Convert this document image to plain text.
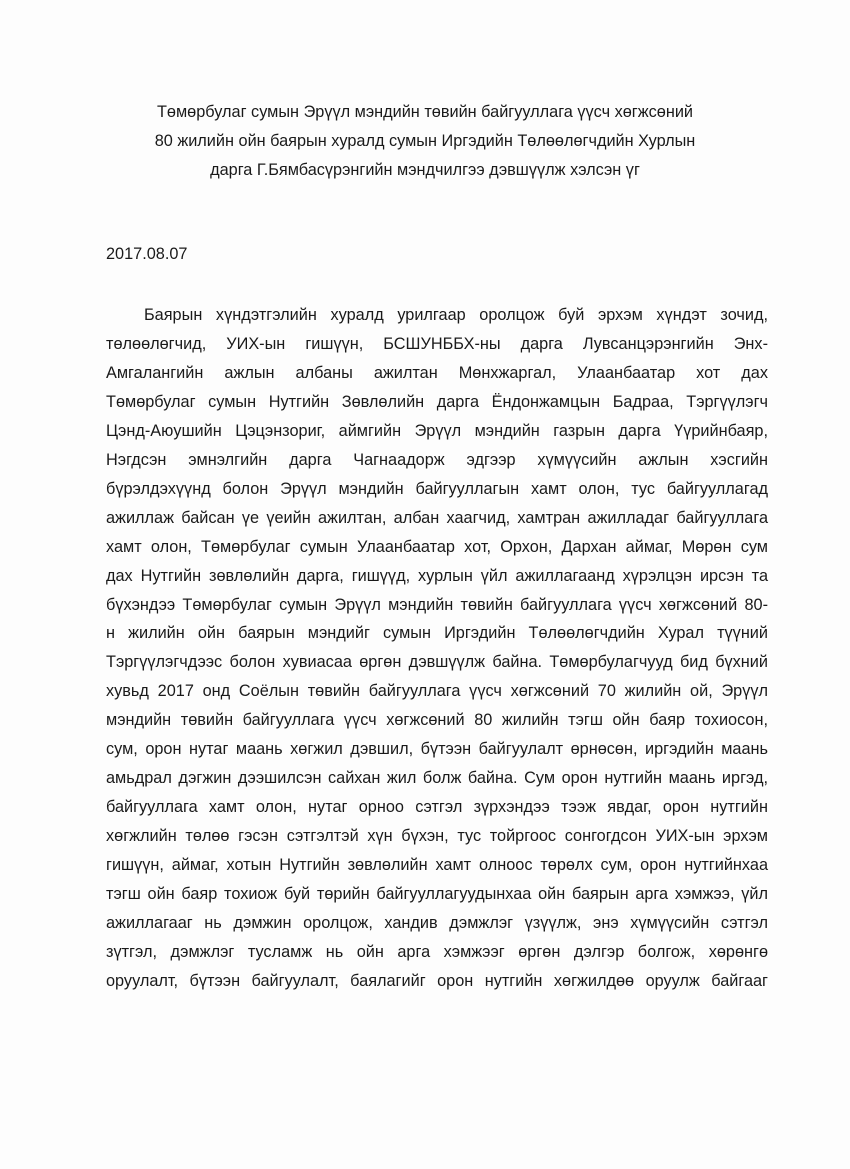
Төмөрбулаг сумын Эрүүл мэндийн төвийн байгууллага үүсч хөгжсөний
80 жилийн ойн баярын хуралд сумын Иргэдийн Төлөөлөгчдийн Хурлын
дарга Г.Бямбасүрэнгийн мэндчилгээ дэвшүүлж хэлсэн үг
2017.08.07
Баярын хүндэтгэлийн хуралд урилгаар оролцож буй эрхэм хүндэт зочид,
төлөөлөгчид, УИХ-ын гишүүн, БСШУНББХ-ны дарга Лувсанцэрэнгийн Энх-
Амгалангийн ажлын албаны ажилтан Мөнхжаргал, Улаанбаатар хот дах
Төмөрбулаг сумын Нутгийн Зөвлөлийн дарга Ёндонжамцын Бадраа, Тэргүүлэгч
Цэнд-Аюушийн Цэцэнзориг, аймгийн Эрүүл мэндийн газрын дарга Үүрийнбаяр,
Нэгдсэн эмнэлгийн дарга Чагнаадорж эдгээр хүмүүсийн ажлын хэсгийн
бүрэлдэхүүнд болон Эрүүл мэндийн байгууллагын хамт олон, тус байгууллагад
ажиллаж байсан үе үеийн ажилтан, албан хаагчид, хамтран ажилладаг байгууллага
хамт олон, Төмөрбулаг сумын Улаанбаатар хот, Орхон, Дархан аймаг, Мөрөн сум
дах Нутгийн зөвлөлийн дарга, гишүүд, хурлын үйл ажиллагаанд хүрэлцэн ирсэн та
бүхэндээ Төмөрбулаг сумын Эрүүл мэндийн төвийн байгууллага үүсч хөгжсөний 80-
н жилийн ойн баярын мэндийг сумын Иргэдийн Төлөөлөгчдийн Хурал түүний
Тэргүүлэгчдээс болон хувиасаа өргөн дэвшүүлж байна. Төмөрбулагчууд бид бүхний
хувьд 2017 онд Соёлын төвийн байгууллага үүсч хөгжсөний 70 жилийн ой, Эрүүл
мэндийн төвийн байгууллага үүсч хөгжсөний 80 жилийн тэгш ойн баяр тохиосон,
сум, орон нутаг маань хөгжил дэвшил, бүтээн байгуулалт өрнөсөн, иргэдийн маань
амьдрал дэгжин дээшилсэн сайхан жил болж байна. Сум орон нутгийн маань иргэд,
байгууллага хамт олон, нутаг орноо сэтгэл зүрхэндээ тээж явдаг, орон нутгийн
хөгжлийн төлөө гэсэн сэтгэлтэй хүн бүхэн, тус тойргоос сонгогдсон УИХ-ын эрхэм
гишүүн, аймаг, хотын Нутгийн зөвлөлийн хамт олноос төрөлх сум, орон нутгийнхаа
тэгш ойн баяр тохиож буй төрийн байгууллагуудынхаа ойн баярын арга хэмжээ, үйл
ажиллагааг нь дэмжин оролцож, хандив дэмжлэг үзүүлж, энэ хүмүүсийн сэтгэл
зүтгэл, дэмжлэг тусламж нь ойн арга хэмжээг өргөн дэлгэр болгож, хөрөнгө
оруулалт, бүтээн байгуулалт, баялагийг орон нутгийн хөгжилдөө оруулж байгааг
